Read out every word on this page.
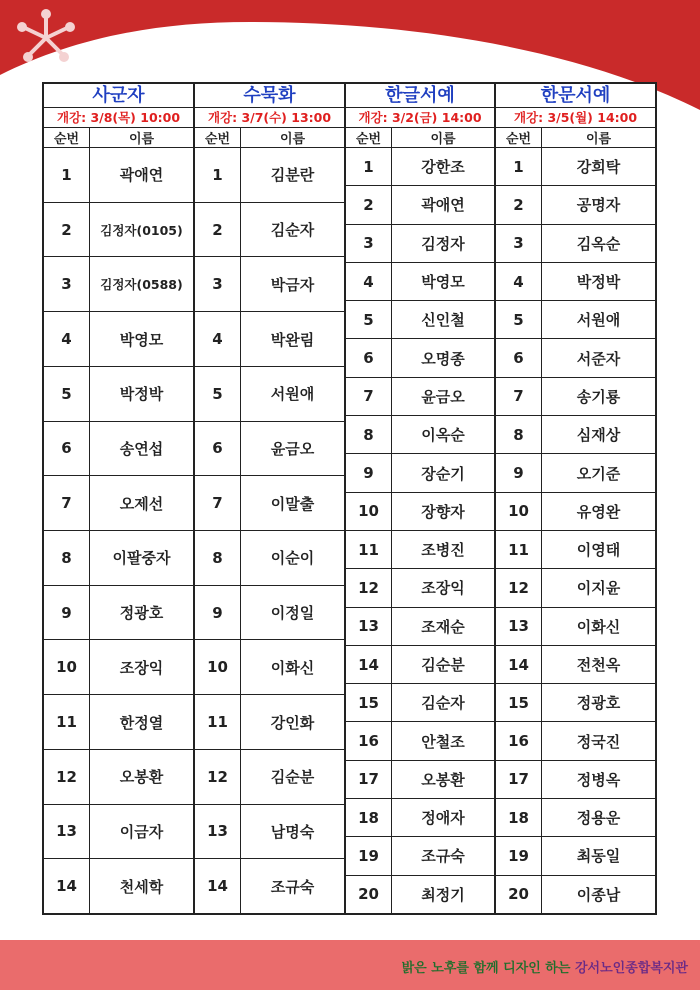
사군자
개강: 3/8(목) 10:00
순번	이름
1	곽애연
2	김정자(0105)
3	김정자(0588)
4	박영모
5	박정박
6	송연섭
7	오제선
8	이팔중자
9	정광호
10	조장익
11	한정열
12	오봉환
13	이금자
14	천세학
수묵화
개강: 3/7(수) 13:00
순번	이름
1	김분란
2	김순자
3	박금자
4	박완림
5	서원애
6	윤금오
7	이말출
8	이순이
9	이정일
10	이화신
11	강인화
12	김순분
13	남명숙
14	조규숙
한글서예
개강: 3/2(금) 14:00
순번	이름
1	강한조
2	곽애연
3	김정자
4	박영모
5	신인철
6	오명종
7	윤금오
8	이옥순
9	장순기
10	장향자
11	조병진
12	조장익
13	조재순
14	김순분
15	김순자
16	안철조
17	오봉환
18	정애자
19	조규숙
20	최정기
한문서예
개강: 3/5(월) 14:00
순번	이름
1	강희탁
2	공명자
3	김옥순
4	박정박
5	서원애
6	서준자
7	송기룡
8	심재상
9	오기준
10	유영완
11	이영태
12	이지윤
13	이화신
14	전천옥
15	정광호
16	정국진
17	정병옥
18	정용운
19	최동일
20	이종남
밝은 노후를 함께 디자인 하는 강서노인종합복지관
